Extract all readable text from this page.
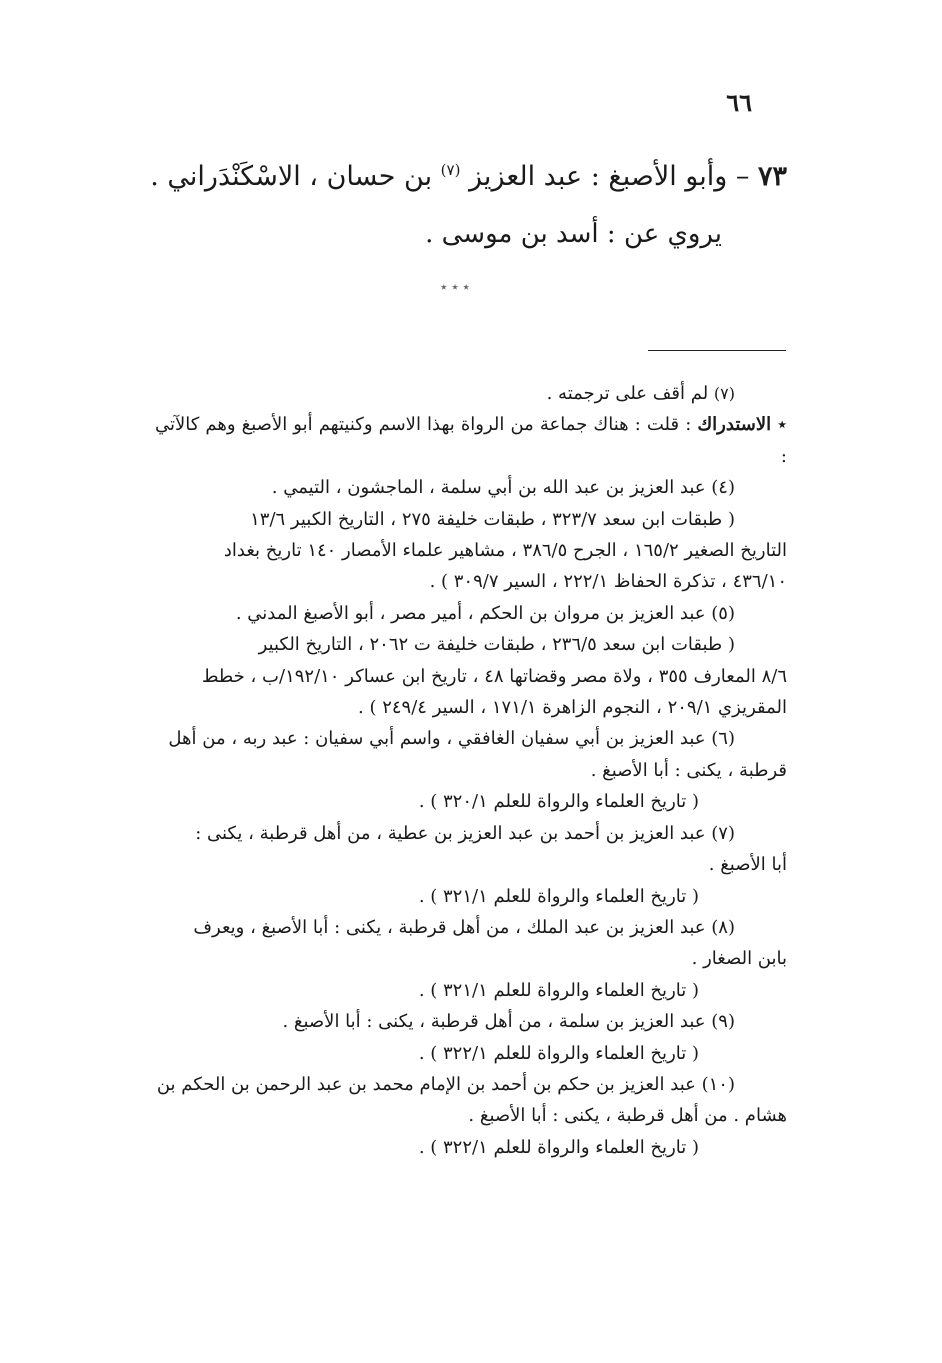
٦٦
٧٣ – وأبو الأصبغ : عبد العزيز $^{(٧)}$ بن حسان ، الاسْكَنْدَراني .
يروي عن : أسد بن موسى .
٭ ٭ ٭

(٧) لم أقف على ترجمته .

٭ الاستدراك : قلت : هناك جماعة من الرواة بهذا الاسم وكنيتهم أبو الأصبغ وهم كالآتي :

(٤) عبد العزيز بن عبد الله بن أبي سلمة ، الماجشون ، التيمي .

( طبقات ابن سعد ٣٢٣/٧ ، طبقات خليفة ٢٧٥ ، التاريخ الكبير ١٣/٦

التاريخ الصغير ١٦٥/٢ ، الجرح ٣٨٦/٥ ، مشاهير علماء الأمصار ١٤٠ تاريخ بغداد

٤٣٦/١٠ ، تذكرة الحفاظ ٢٢٢/١ ، السير ٣٠٩/٧ ) .

(٥) عبد العزيز بن مروان بن الحكم ، أمير مصر ، أبو الأصبغ المدني .

( طبقات ابن سعد ٢٣٦/٥ ، طبقات خليفة ت ٢٠٦٢ ، التاريخ الكبير

٨/٦ المعارف ٣٥٥ ، ولاة مصر وقضاتها ٤٨ ، تاريخ ابن عساكر ١٩٢/١٠/ب ، خطط

المقريزي ٢٠٩/١ ، النجوم الزاهرة ١٧١/١ ، السير ٢٤٩/٤ ) .

(٦) عبد العزيز بن أبي سفيان الغافقي ، واسم أبي سفيان : عبد ربه ، من أهل

قرطبة ، يكنى : أبا الأصبغ .

( تاريخ العلماء والرواة للعلم ٣٢٠/١ ) .

(٧) عبد العزيز بن أحمد بن عبد العزيز بن عطية ، من أهل قرطبة ، يكنى :

أبا الأصبغ .

( تاريخ العلماء والرواة للعلم ٣٢١/١ ) .

(٨) عبد العزيز بن عبد الملك ، من أهل قرطبة ، يكنى : أبا الأصبغ ، ويعرف

بابن الصغار .

( تاريخ العلماء والرواة للعلم ٣٢١/١ ) .

(٩) عبد العزيز بن سلمة ، من أهل قرطبة ، يكنى : أبا الأصبغ .

( تاريخ العلماء والرواة للعلم ٣٢٢/١ ) .

(١٠) عبد العزيز بن حكم بن أحمد بن الإمام محمد بن عبد الرحمن بن الحكم بن

هشام . من أهل قرطبة ، يكنى : أبا الأصبغ .

( تاريخ العلماء والرواة للعلم ٣٢٢/١ ) .
